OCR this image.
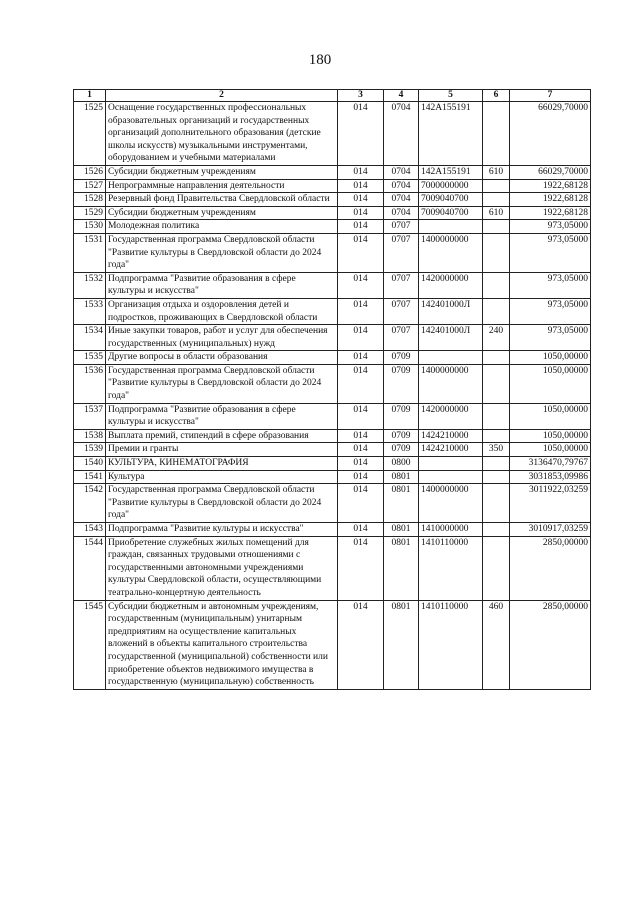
180
1	2	3	4	5	6	7
1525	Оснащение государственных профессиональных образовательных организаций и государственных организаций дополнительного образования (детские школы искусств) музыкальными инструментами, оборудованием и учебными материалами	014	0704	142A155191		66029,70000
1526	Субсидии бюджетным учреждениям	014	0704	142A155191	610	66029,70000
1527	Непрограммные направления деятельности	014	0704	7000000000		1922,68128
1528	Резервный фонд Правительства Свердловской области	014	0704	7009040700		1922,68128
1529	Субсидии бюджетным учреждениям	014	0704	7009040700	610	1922,68128
1530	Молодежная политика	014	0707			973,05000
1531	Государственная программа Свердловской области "Развитие культуры в Свердловской области до 2024 года"	014	0707	1400000000		973,05000
1532	Подпрограмма "Развитие образования в сфере культуры и искусства"	014	0707	1420000000		973,05000
1533	Организация отдыха и оздоровления детей и подростков, проживающих в Свердловской области	014	0707	142401000Л		973,05000
1534	Иные закупки товаров, работ и услуг для обеспечения государственных (муниципальных) нужд	014	0707	142401000Л	240	973,05000
1535	Другие вопросы в области образования	014	0709			1050,00000
1536	Государственная программа Свердловской области "Развитие культуры в Свердловской области до 2024 года"	014	0709	1400000000		1050,00000
1537	Подпрограмма "Развитие образования в сфере культуры и искусства"	014	0709	1420000000		1050,00000
1538	Выплата премий, стипендий в сфере образования	014	0709	1424210000		1050,00000
1539	Премии и гранты	014	0709	1424210000	350	1050,00000
1540	КУЛЬТУРА, КИНЕМАТОГРАФИЯ	014	0800			3136470,79767
1541	Культура	014	0801			3031853,09986
1542	Государственная программа Свердловской области "Развитие культуры в Свердловской области до 2024 года"	014	0801	1400000000		3011922,03259
1543	Подпрограмма "Развитие культуры и искусства"	014	0801	1410000000		3010917,03259
1544	Приобретение служебных жилых помещений для граждан, связанных трудовыми отношениями с государственными автономными учреждениями культуры Свердловской области, осуществляющими театрально-концертную деятельность	014	0801	1410110000		2850,00000
1545	Субсидии бюджетным и автономным учреждениям, государственным (муниципальным) унитарным предприятиям на осуществление капитальных вложений в объекты капитального строительства государственной (муниципальной) собственности или приобретение объектов недвижимого имущества в государственную (муниципальную) собственность	014	0801	1410110000	460	2850,00000
